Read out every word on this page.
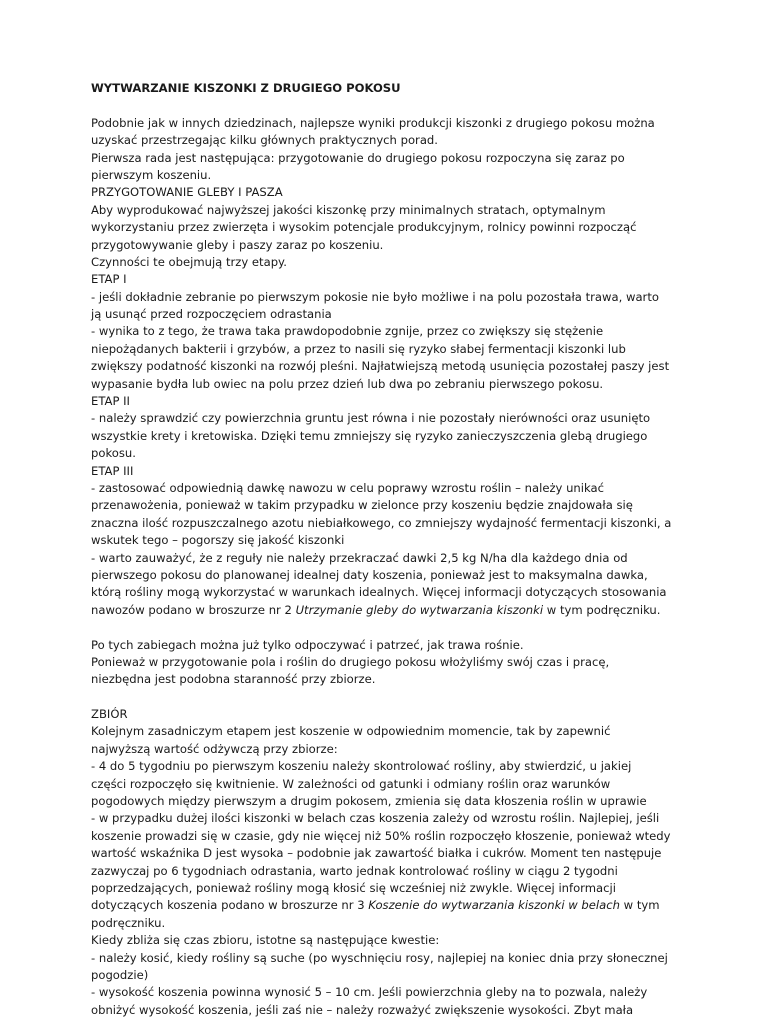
WYTWARZANIE KISZONKI Z DRUGIEGO POKOSU
Podobnie jak w innych dziedzinach, najlepsze wyniki produkcji kiszonki z drugiego pokosu można
uzyskać przestrzegając kilku głównych praktycznych porad.
Pierwsza rada jest następująca: przygotowanie do drugiego pokosu rozpoczyna się zaraz po
pierwszym koszeniu.
PRZYGOTOWANIE GLEBY I PASZA
Aby wyprodukować najwyższej jakości kiszonkę przy minimalnych stratach, optymalnym
wykorzystaniu przez zwierzęta i wysokim potencjale produkcyjnym, rolnicy powinni rozpocząć
przygotowywanie gleby i paszy zaraz po koszeniu.
Czynności te obejmują trzy etapy.
ETAP I
- jeśli dokładnie zebranie po pierwszym pokosie nie było możliwe i na polu pozostała trawa, warto
ją usunąć przed rozpoczęciem odrastania
- wynika to z tego, że trawa taka prawdopodobnie zgnije, przez co zwiększy się stężenie
niepożądanych bakterii i grzybów, a przez to nasili się ryzyko słabej fermentacji kiszonki lub
zwiększy podatność kiszonki na rozwój pleśni. Najłatwiejszą metodą usunięcia pozostałej paszy jest
wypasanie bydła lub owiec na polu przez dzień lub dwa po zebraniu pierwszego pokosu.
ETAP II
- należy sprawdzić czy powierzchnia gruntu jest równa i nie pozostały nierówności oraz usunięto
wszystkie krety i kretowiska. Dzięki temu zmniejszy się ryzyko zanieczyszczenia glebą drugiego
pokosu.
ETAP III
- zastosować odpowiednią dawkę nawozu w celu poprawy wzrostu roślin – należy unikać
przenawożenia, ponieważ w takim przypadku w zielonce przy koszeniu będzie znajdowała się
znaczna ilość rozpuszczalnego azotu niebiałkowego, co zmniejszy wydajność fermentacji kiszonki, a
wskutek tego – pogorszy się jakość kiszonki
- warto zauważyć, że z reguły nie należy przekraczać dawki 2,5 kg N/ha dla każdego dnia od
pierwszego pokosu do planowanej idealnej daty koszenia, ponieważ jest to maksymalna dawka,
którą rośliny mogą wykorzystać w warunkach idealnych. Więcej informacji dotyczących stosowania
nawozów podano w broszurze nr 2 Utrzymanie gleby do wytwarzania kiszonki w tym podręczniku.
Po tych zabiegach można już tylko odpoczywać i patrzeć, jak trawa rośnie.
Ponieważ w przygotowanie pola i roślin do drugiego pokosu włożyliśmy swój czas i pracę,
niezbędna jest podobna staranność przy zbiorze.
ZBIÓR
Kolejnym zasadniczym etapem jest koszenie w odpowiednim momencie, tak by zapewnić
najwyższą wartość odżywczą przy zbiorze:
- 4 do 5 tygodniu po pierwszym koszeniu należy skontrolować rośliny, aby stwierdzić, u jakiej
części rozpoczęło się kwitnienie. W zależności od gatunki i odmiany roślin oraz warunków
pogodowych między pierwszym a drugim pokosem, zmienia się data kłoszenia roślin w uprawie
- w przypadku dużej ilości kiszonki w belach czas koszenia zależy od wzrostu roślin. Najlepiej, jeśli
koszenie prowadzi się w czasie, gdy nie więcej niż 50% roślin rozpoczęło kłoszenie, ponieważ wtedy
wartość wskaźnika D jest wysoka – podobnie jak zawartość białka i cukrów. Moment ten następuje
zazwyczaj po 6 tygodniach odrastania, warto jednak kontrolować rośliny w ciągu 2 tygodni
poprzedzających, ponieważ rośliny mogą kłosić się wcześniej niż zwykle. Więcej informacji
dotyczących koszenia podano w broszurze nr 3 Koszenie do wytwarzania kiszonki w belach w tym
podręczniku.
Kiedy zbliża się czas zbioru, istotne są następujące kwestie:
- należy kosić, kiedy rośliny są suche (po wyschnięciu rosy, najlepiej na koniec dnia przy słonecznej
pogodzie)
- wysokość koszenia powinna wynosić 5 – 10 cm. Jeśli powierzchnia gleby na to pozwala, należy
obniżyć wysokość koszenia, jeśli zaś nie – należy rozważyć zwiększenie wysokości. Zbyt mała
